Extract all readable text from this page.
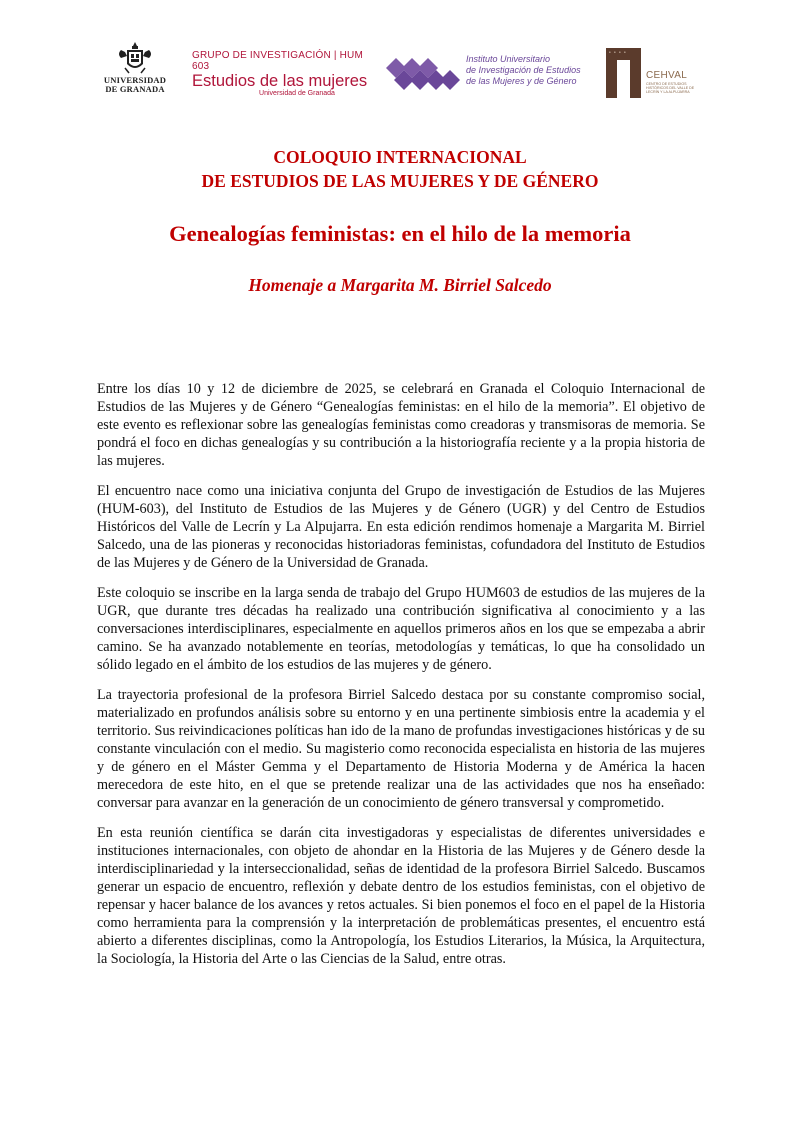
UNIVERSIDAD
DE GRANADA
GRUPO DE INVESTIGACIÓN | HUM 603
Estudios de las mujeres
Universidad de Granada
Instituto Universitario
de Investigación de Estudios
de las Mujeres y de Género
• • • •
CEHVAL
CENTRO DE ESTUDIOS HISTÓRICOS DEL VALLE DE LECRÍN Y LA ALPUJARRA
COLOQUIO INTERNACIONAL
DE ESTUDIOS DE LAS MUJERES Y DE GÉNERO
Genealogías feministas: en el hilo de la memoria
Homenaje a Margarita M. Birriel Salcedo

Entre los días 10 y 12 de diciembre de 2025, se celebrará en Granada el Coloquio Internacional de Estudios de las Mujeres y de Género “Genealogías feministas: en el hilo de la memoria”. El objetivo de este evento es reflexionar sobre las genealogías feministas como creadoras y transmisoras de memoria. Se pondrá el foco en dichas genealogías y su contribución a la historiografía reciente y a la propia historia de las mujeres.

El encuentro nace como una iniciativa conjunta del Grupo de investigación de Estudios de las Mujeres (HUM-603), del Instituto de Estudios de las Mujeres y de Género (UGR) y del Centro de Estudios Históricos del Valle de Lecrín y La Alpujarra. En esta edición rendimos homenaje a Margarita M. Birriel Salcedo, una de las pioneras y reconocidas historiadoras feministas, cofundadora del Instituto de Estudios de las Mujeres y de Género de la Universidad de Granada.

Este coloquio se inscribe en la larga senda de trabajo del Grupo HUM603 de estudios de las mujeres de la UGR, que durante tres décadas ha realizado una contribución significativa al conocimiento y a las conversaciones interdisciplinares, especialmente en aquellos primeros años en los que se empezaba a abrir camino. Se ha avanzado notablemente en teorías, metodologías y temáticas, lo que ha consolidado un sólido legado en el ámbito de los estudios de las mujeres y de género.

La trayectoria profesional de la profesora Birriel Salcedo destaca por su constante compromiso social, materializado en profundos análisis sobre su entorno y en una pertinente simbiosis entre la academia y el territorio. Sus reivindicaciones políticas han ido de la mano de profundas investigaciones históricas y de su constante vinculación con el medio. Su magisterio como reconocida especialista en historia de las mujeres y de género en el Máster Gemma y el Departamento de Historia Moderna y de América la hacen merecedora de este hito, en el que se pretende realizar una de las actividades que nos ha enseñado: conversar para avanzar en la generación de un conocimiento de género transversal y comprometido.

En esta reunión científica se darán cita investigadoras y especialistas de diferentes universidades e instituciones internacionales, con objeto de ahondar en la Historia de las Mujeres y de Género desde la interdisciplinariedad y la interseccionalidad, señas de identidad de la profesora Birriel Salcedo. Buscamos generar un espacio de encuentro, reflexión y debate dentro de los estudios feministas, con el objetivo de repensar y hacer balance de los avances y retos actuales. Si bien ponemos el foco en el papel de la Historia como herramienta para la comprensión y la interpretación de problemáticas presentes, el encuentro está abierto a diferentes disciplinas, como la Antropología, los Estudios Literarios, la Música, la Arquitectura, la Sociología, la Historia del Arte o las Ciencias de la Salud, entre otras.
